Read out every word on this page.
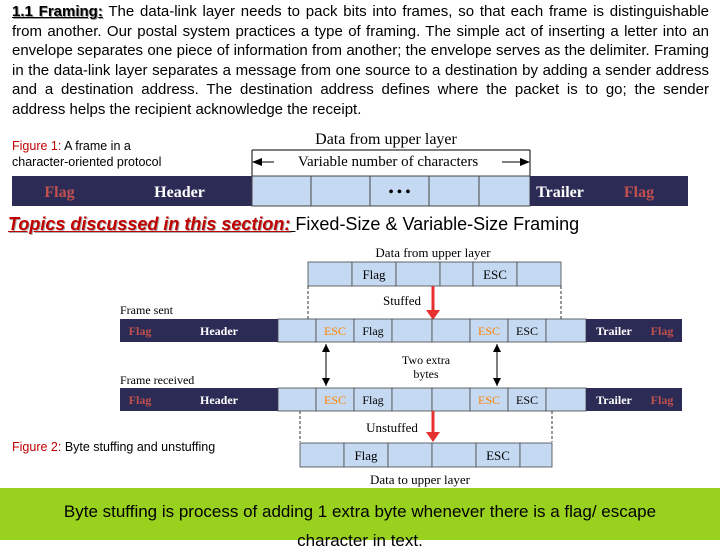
1.1 Framing: The data-link layer needs to pack bits into frames, so that each frame is distinguishable from another. Our postal system practices a type of framing. The simple act of inserting a letter into an envelope separates one piece of information from another; the envelope serves as the delimiter. Framing in the data-link layer separates a message from one source to a destination by adding a sender address and a destination address. The destination address defines where the packet is to go; the sender address helps the recipient acknowledge the receipt.
Figure 1: A frame in a
character-oriented protocol
Data from upper layer
Variable number of characters
Flag	Header	• • •	Trailer	Flag
Topics discussed in this section: Fixed-Size & Variable-Size Framing
Data from upper layer
Flag	ESC
Stuffed
Frame sent
Flag	Header	ESC Flag	ESC ESC	Trailer Flag
Two extra
bytes
Frame received
Flag	Header	ESC Flag	ESC ESC	Trailer Flag
Unstuffed
Flag	ESC
Data to upper layer
Figure 2: Byte stuffing and unstuffing
Byte stuffing is process of adding 1 extra byte whenever there is a flag/ escape
character in text.
